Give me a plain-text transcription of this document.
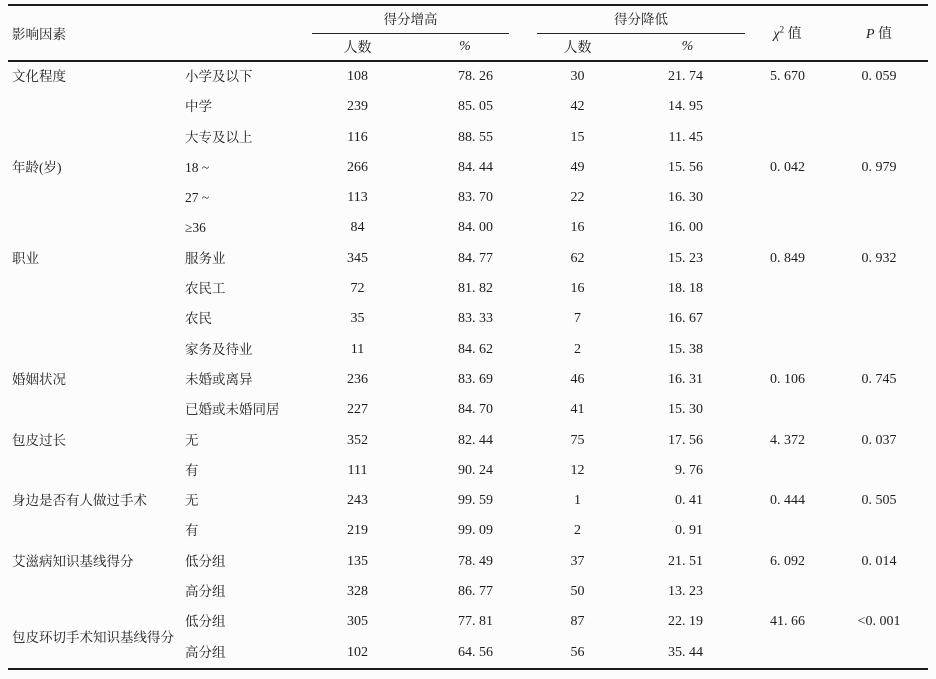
影响因素		得分增高		得分降低		$\chi^2$ 值	P 值
		人数	%	人数	%		
文化程度	小学及以下	108	78. 26	30	21. 74	5. 670	0. 059
	中学	239	85. 05	42	14. 95		
	大专及以上	116	88. 55	15	11. 45		
年龄(岁)	18 ~	266	84. 44	49	15. 56	0. 042	0. 979
	27 ~	113	83. 70	22	16. 30		
	≥36	84	84. 00	16	16. 00		
职业	服务业	345	84. 77	62	15. 23	0. 849	0. 932
	农民工	72	81. 82	16	18. 18		
	农民	35	83. 33	7	16. 67		
	家务及待业	11	84. 62	2	15. 38		
婚姻状况	未婚或离异	236	83. 69	46	16. 31	0. 106	0. 745
	已婚或未婚同居	227	84. 70	41	15. 30		
包皮过长	无	352	82. 44	75	17. 56	4. 372	0. 037
	有	111	90. 24	12	9. 76		
身边是否有人做过手术	无	243	99. 59	1	0. 41	0. 444	0. 505
	有	219	99. 09	2	0. 91		
艾滋病知识基线得分	低分组	135	78. 49	37	21. 51	6. 092	0. 014
	高分组	328	86. 77	50	13. 23		
包皮环切手术知识基线得分	低分组	305	77. 81	87	22. 19	41. 66	<0. 001
	高分组	102	64. 56	56	35. 44		
